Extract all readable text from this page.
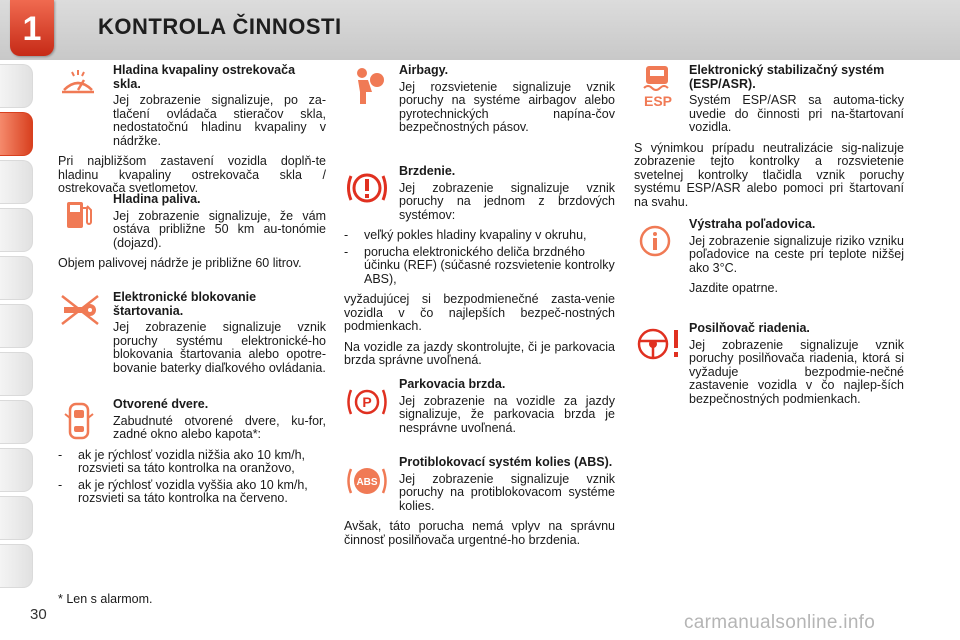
1	KONTROLA ČINNOSTI
Hladina kvapaliny ostrekovača skla.

Jej zobrazenie signalizuje, po za-tlačení ovládača stieračov skla, nedostatočnú hladinu kvapaliny v nádržke.

Pri najbližšom zastavení vozidla doplň-te hladinu kvapaliny ostrekovača skla / ostrekovača svetlometov.

Hladina paliva.

Jej zobrazenie signalizuje, že vám ostáva približne 50 km au-tonómie (dojazd).

Objem palivovej nádrže je približne 60 litrov.

Elektronické blokovanie štartovania.

Jej zobrazenie signalizuje vznik poruchy systému elektronické-ho blokovania štartovania alebo opotre-bovanie baterky diaľkového ovládania.

Otvorené dvere.

Zabudnuté otvorené dvere, ku-for, zadné okno alebo kapota*:

- ak je rýchlosť vozidla nižšia ako 10 km/h, rozsvieti sa táto kontrolka na oranžovo,
- ak je rýchlosť vozidla vyššia ako 10 km/h, rozsvieti sa táto kontrolka na červeno.
Airbagy.

Jej rozsvietenie signalizuje vznik poruchy na systéme airbagov alebo pyrotechnických napína-čov bezpečnostných pásov.

Brzdenie.

Jej zobrazenie signalizuje vznik poruchy na jednom z brzdových systémov:

- veľký pokles hladiny kvapaliny v okruhu,
- porucha elektronického deliča brzdného účinku (REF) (súčasné rozsvietenie kontrolky ABS),

vyžadujúcej si bezpodmienečné zasta-venie vozidla v čo najlepších bezpeč-nostných podmienkach.

Na vozidle za jazdy skontrolujte, či je parkovacia brzda správne uvoľnená.

P
Parkovacia brzda.

Jej zobrazenie na vozidle za jazdy signalizuje, že parkovacia brzda je nesprávne uvoľnená.

ABS
Protiblokovací systém kolies (ABS).

Jej zobrazenie signalizuje vznik poruchy na protiblokovacom systéme kolies.

Avšak, táto porucha nemá vplyv na správnu činnosť posilňovača urgentné-ho brzdenia.

ESP
Elektronický stabilizačný systém (ESP/ASR).

Systém ESP/ASR sa automa-ticky uvedie do činnosti pri na-štartovaní vozidla.

S výnimkou prípadu neutralizácie sig-nalizuje zobrazenie tejto kontrolky a rozsvietenie svetelnej kontrolky tlačidla vznik poruchy systému ESP/ASR alebo pomoci pri štartovaní na svahu.

Výstraha poľadovica.

Jej zobrazenie signalizuje riziko vzniku poľadovice na ceste pri teplote nižšej ako 3°C.

Jazdite opatrne.

Posilňovač riadenia.

Jej zobrazenie signalizuje vznik poruchy posilňovača riadenia, ktorá si vyžaduje bezpodmie-nečné zastavenie vozidla v čo najlep-ších bezpečnostných podmienkach.

* Len s alarmom.
30	carmanualsonline.info
